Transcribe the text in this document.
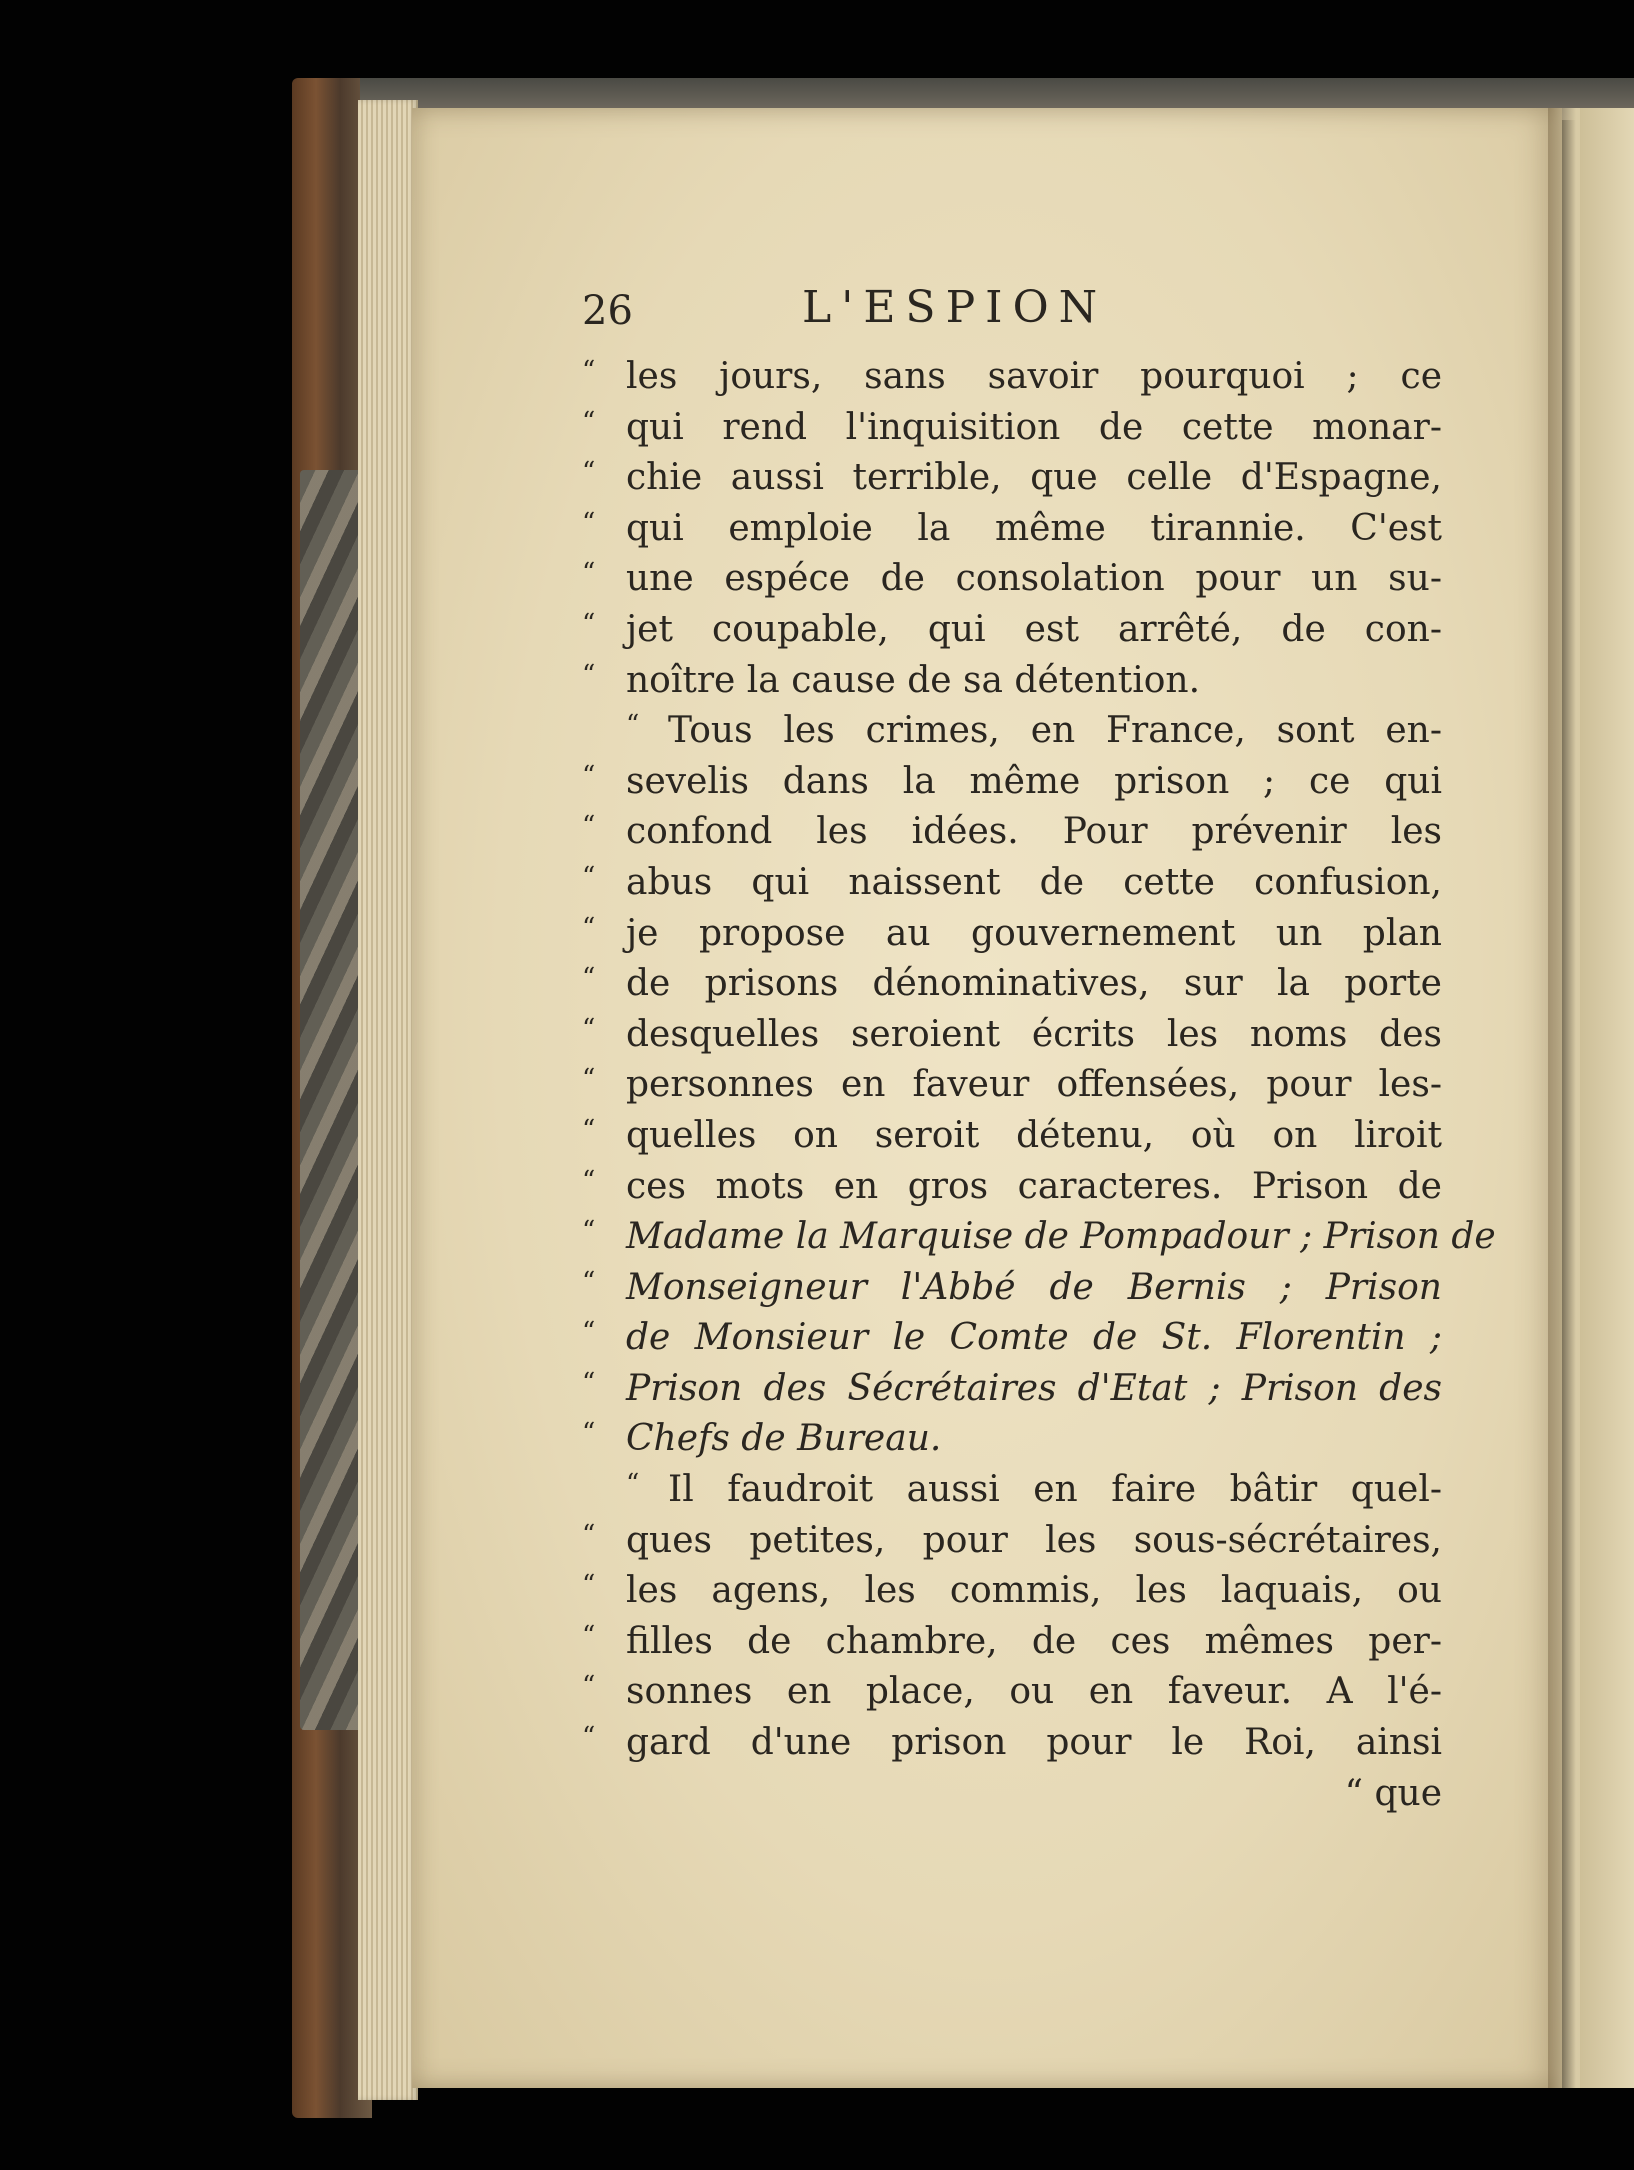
26	L'ESPION
“ les jours, sans savoir pourquoi ; ce
“ qui rend l'inquisition de cette monar-
“ chie aussi terrible, que celle d'Espagne,
“ qui emploie la même tirannie. C'est
“ une espéce de consolation pour un su-
“ jet coupable, qui est arrêté, de con-
“ noître la cause de sa détention.
“ Tous les crimes, en France, sont en-
“ sevelis dans la même prison ; ce qui
“ confond les idées. Pour prévenir les
“ abus qui naissent de cette confusion,
“ je propose au gouvernement un plan
“ de prisons dénominatives, sur la porte
“ desquelles seroient écrits les noms des
“ personnes en faveur offensées, pour les-
“ quelles on seroit détenu, où on liroit
“ ces mots en gros caracteres. Prison de
“ Madame la Marquise de Pompadour ; Prison de
“ Monseigneur l'Abbé de Bernis ; Prison
“ de Monsieur le Comte de St. Florentin ;
“ Prison des Sécrétaires d'Etat ; Prison des
“ Chefs de Bureau.
“ Il faudroit aussi en faire bâtir quel-
“ ques petites, pour les sous-sécrétaires,
“ les agens, les commis, les laquais, ou
“ filles de chambre, de ces mêmes per-
“ sonnes en place, ou en faveur. A l'é-
“ gard d'une prison pour le Roi, ainsi
“ que
